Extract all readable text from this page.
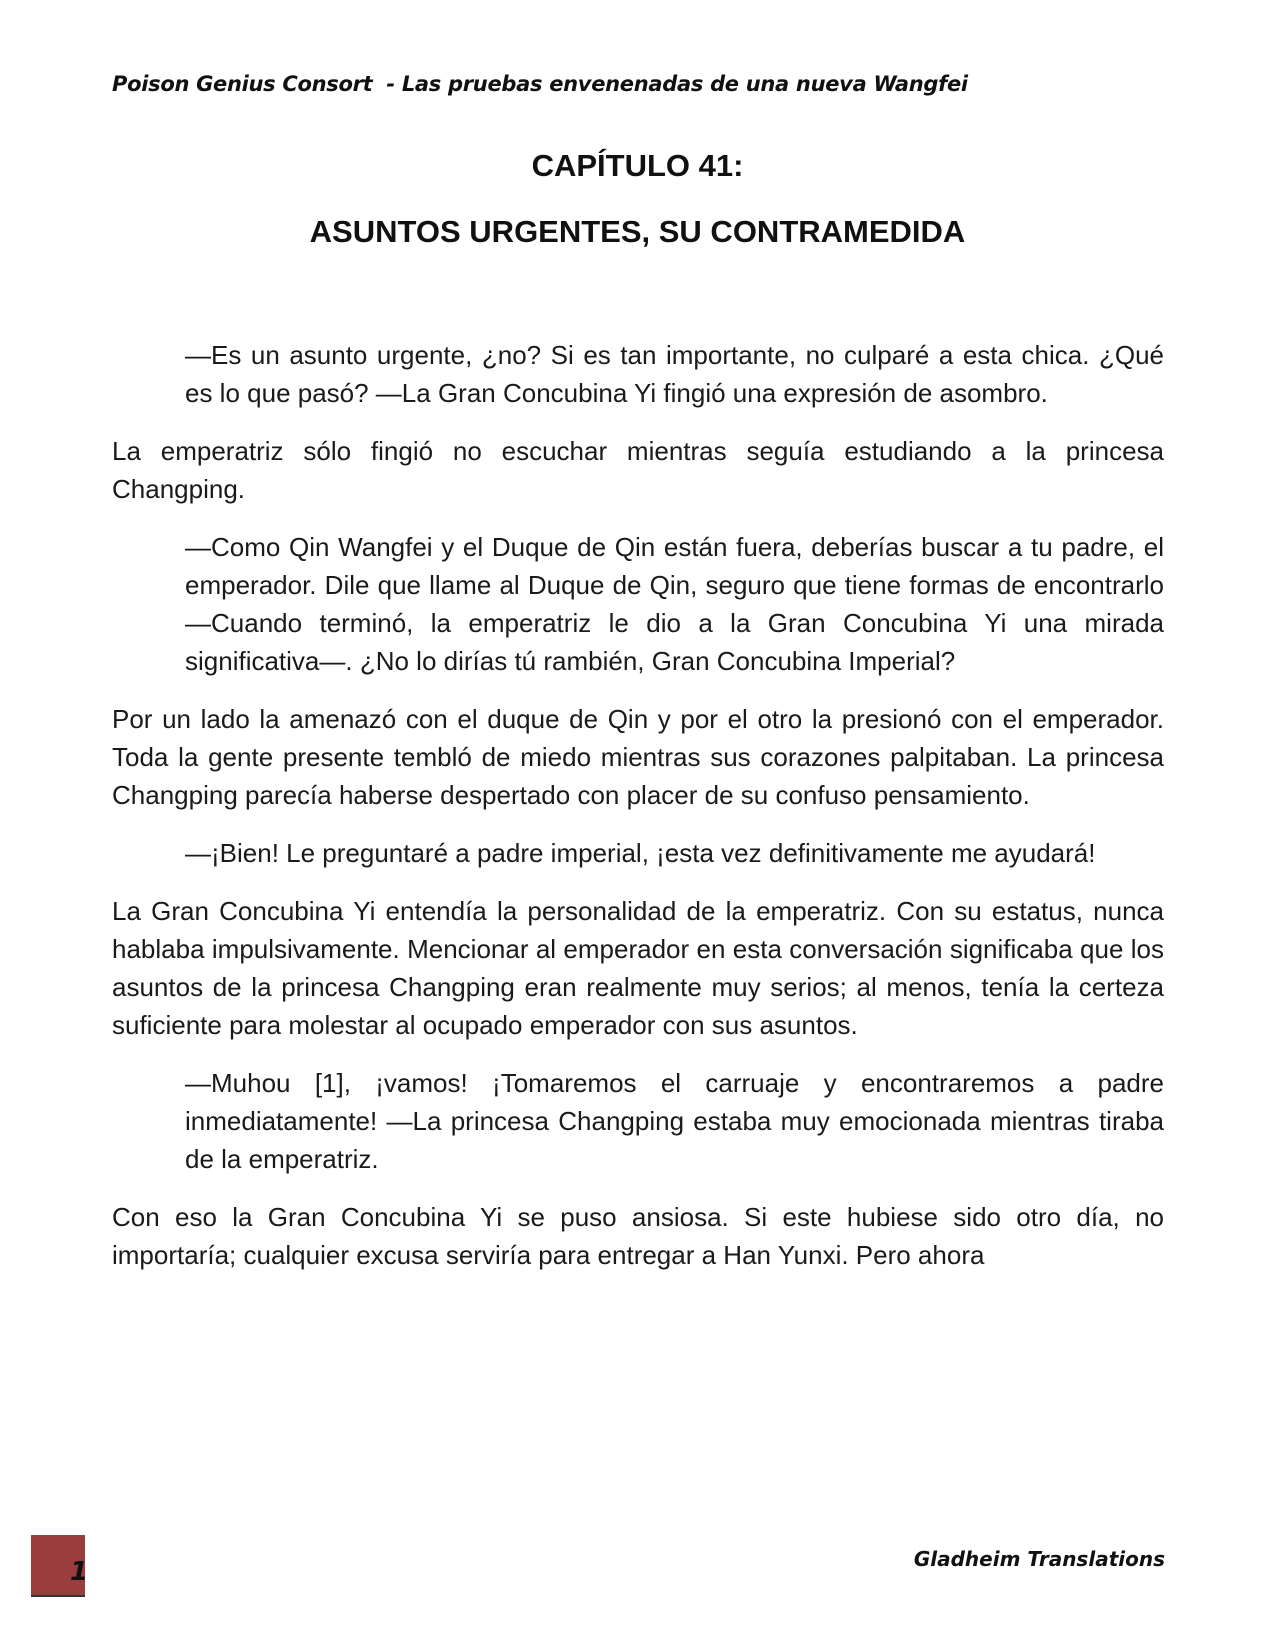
Poison Genius Consort  - Las pruebas envenenadas de una nueva Wangfei
CAPÍTULO 41:
ASUNTOS URGENTES, SU CONTRAMEDIDA

—Es un asunto urgente, ¿no? Si es tan importante, no culparé a esta chica. ¿Qué es lo que pasó? —La Gran Concubina Yi fingió una expresión de asombro.

La emperatriz sólo fingió no escuchar mientras seguía estudiando a la princesa Changping.

—Como Qin Wangfei y el Duque de Qin están fuera, deberías buscar a tu padre, el emperador. Dile que llame al Duque de Qin, seguro que tiene formas de encontrarlo —Cuando terminó, la emperatriz le dio a la Gran Concubina Yi una mirada significativa—. ¿No lo dirías tú rambién, Gran Concubina Imperial?

Por un lado la amenazó con el duque de Qin y por el otro la presionó con el emperador. Toda la gente presente tembló de miedo mientras sus corazones palpitaban. La princesa Changping parecía haberse despertado con placer de su confuso pensamiento.

—¡Bien! Le preguntaré a padre imperial, ¡esta vez definitivamente me ayudará!

La Gran Concubina Yi entendía la personalidad de la emperatriz. Con su estatus, nunca hablaba impulsivamente. Mencionar al emperador en esta conversación significaba que los asuntos de la princesa Changping eran realmente muy serios; al menos, tenía la certeza suficiente para molestar al ocupado emperador con sus asuntos.

—Muhou [1], ¡vamos! ¡Tomaremos el carruaje y encontraremos a padre inmediatamente! —La princesa Changping estaba muy emocionada mientras tiraba de la emperatriz.

Con eso la Gran Concubina Yi se puso ansiosa. Si este hubiese sido otro día, no importaría; cualquier excusa serviría para entregar a Han Yunxi. Pero ahora

1	Gladheim Translations
